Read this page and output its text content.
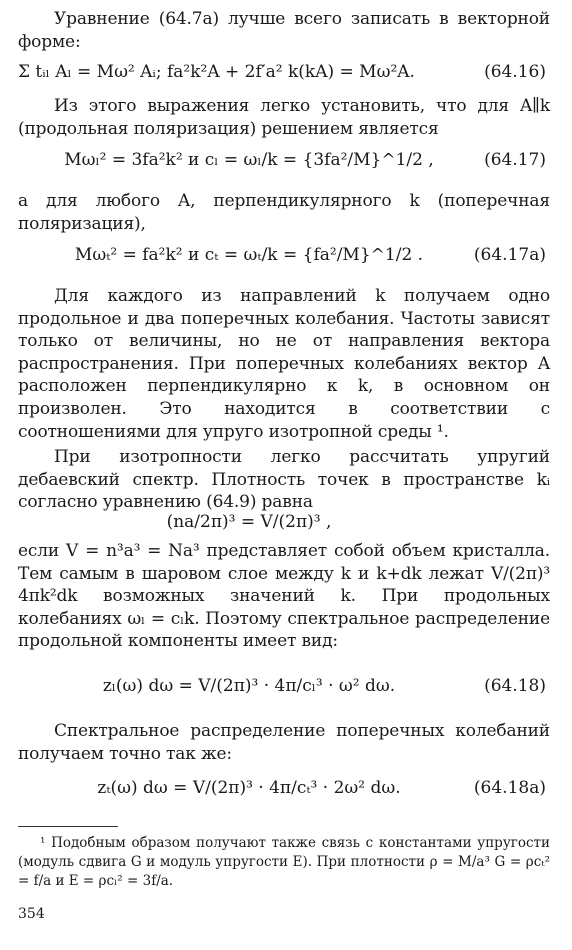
Уравнение (64.7а) лучше всего записать в векторной форме:

Σ tᵢₗ Aₗ = Mω² Aᵢ; fa²k²A + 2f′a² k(kA) = Mω²A.	(64.16)

Из этого выражения легко установить, что для A∥k (продольная поляризация) решением является

Mωₗ² = 3fa²k² и cₗ = ωₗ/k = {3fa²/M}^1/2 ,	(64.17)

а для любого A, перпендикулярного k (поперечная поляризация),

Mωₜ² = fa²k² и cₜ = ωₜ/k = {fa²/M}^1/2 .	(64.17а)

Для каждого из направлений k получаем одно продольное и два поперечных колебания. Частоты зависят только от величины, но не от направления вектора распространения. При поперечных колебаниях вектор A расположен перпендикулярно к k, в основном он произволен. Это находится в соответствии с соотношениями для упруго изотропной среды ¹.

При изотропности легко рассчитать упругий дебаевский спектр. Плотность точек в пространстве kᵢ согласно уравнению (64.9) равна

(na/2π)³ = V/(2π)³ ,

если V = n³a³ = Na³ представляет собой объем кристалла. Тем самым в шаровом слое между k и k+dk лежат V/(2π)³ 4πk²dk возможных значений k. При продольных колебаниях ωₗ = cₗk. Поэтому спектральное распределение продольной компоненты имеет вид:

zₗ(ω) dω = V/(2π)³ · 4π/cₗ³ · ω² dω.	(64.18)

Спектральное распределение поперечных колебаний получаем точно так же:

zₜ(ω) dω = V/(2π)³ · 4π/cₜ³ · 2ω² dω.	(64.18а)

¹ Подобным образом получают также связь с константами упругости (модуль сдвига G и модуль упругости E). При плотности ρ = M/a³ G = ρcₜ² = f/a и E = ρcₗ² = 3f/a.

354
